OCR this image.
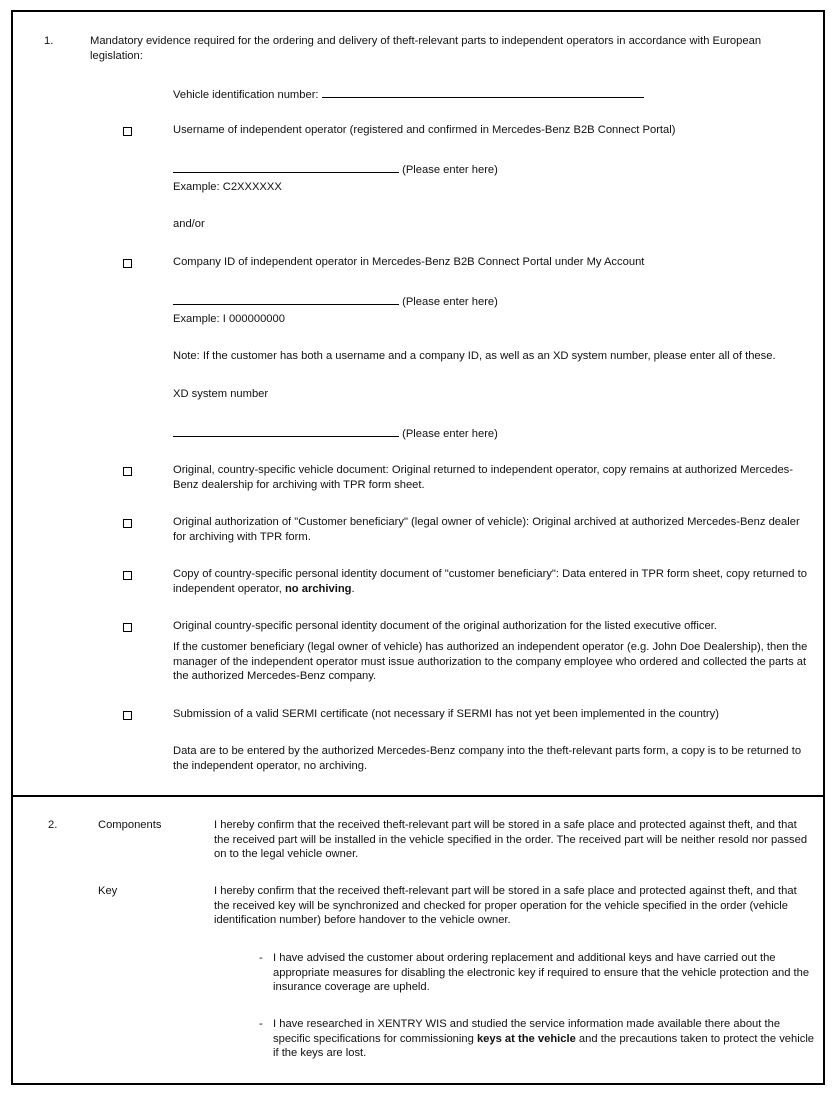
1.	Mandatory evidence required for the ordering and delivery of theft-relevant parts to independent operators in accordance with European legislation:
Vehicle identification number:
Username of independent operator (registered and confirmed in Mercedes-Benz B2B Connect Portal)
(Please enter here)
Example: C2XXXXXX
and/or
Company ID of independent operator in Mercedes-Benz B2B Connect Portal under My Account
(Please enter here)
Example: I 000000000
Note: If the customer has both a username and a company ID, as well as an XD system number, please enter all of these.
XD system number
(Please enter here)
Original, country-specific vehicle document: Original returned to independent operator, copy remains at authorized Mercedes-Benz dealership for archiving with TPR form sheet.
Original authorization of "Customer beneficiary" (legal owner of vehicle): Original archived at authorized Mercedes-Benz dealer for archiving with TPR form.
Copy of country-specific personal identity document of "customer beneficiary": Data entered in TPR form sheet, copy returned to independent operator, no archiving.
Original country-specific personal identity document of the original authorization for the listed executive officer.
If the customer beneficiary (legal owner of vehicle) has authorized an independent operator (e.g. John Doe Dealership), then the manager of the independent operator must issue authorization to the company employee who ordered and collected the parts at the authorized Mercedes-Benz company.
Submission of a valid SERMI certificate (not necessary if SERMI has not yet been implemented in the country)
Data are to be entered by the authorized Mercedes-Benz company into the theft-relevant parts form, a copy is to be returned to the independent operator, no archiving.
2.	Components	I hereby confirm that the received theft-relevant part will be stored in a safe place and protected against theft, and that the received part will be installed in the vehicle specified in the order. The received part will be neither resold nor passed on to the legal vehicle owner.
Key	I hereby confirm that the received theft-relevant part will be stored in a safe place and protected against theft, and that the received key will be synchronized and checked for proper operation for the vehicle specified in the order (vehicle identification number) before handover to the vehicle owner.
- I have advised the customer about ordering replacement and additional keys and have carried out the appropriate measures for disabling the electronic key if required to ensure that the vehicle protection and the insurance coverage are upheld.
- I have researched in XENTRY WIS and studied the service information made available there about the specific specifications for commissioning keys at the vehicle and the precautions taken to protect the vehicle if the keys are lost.
